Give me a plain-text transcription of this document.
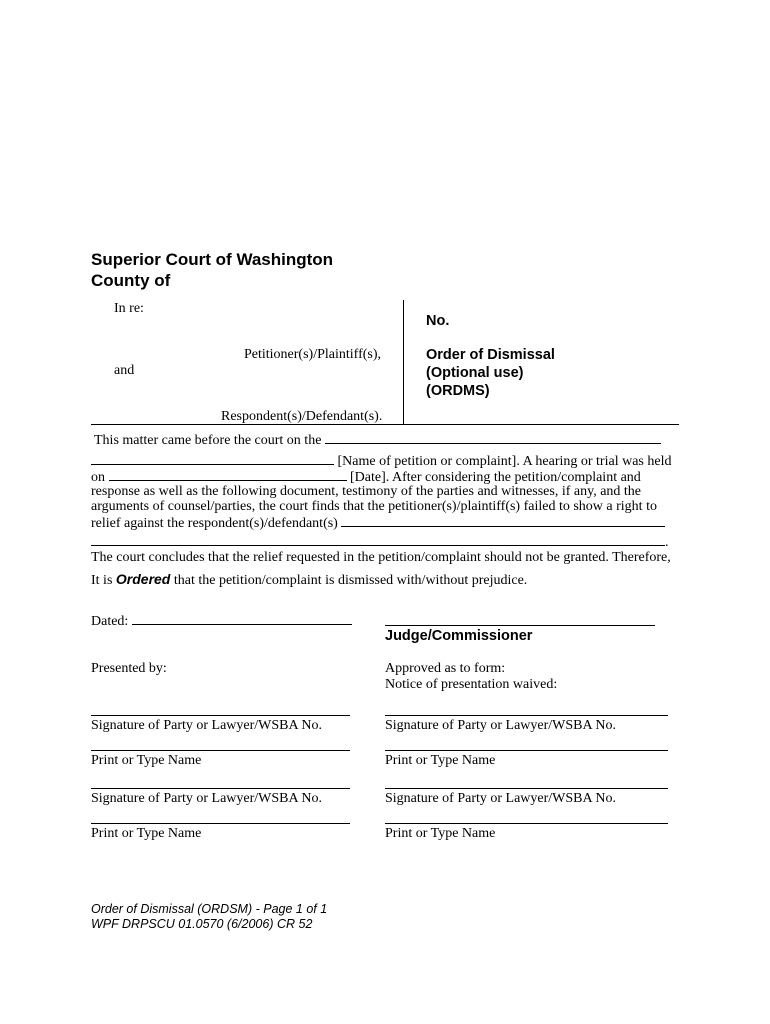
Superior Court of Washington
County of
In re:
Petitioner(s)/Plaintiff(s),
and
Respondent(s)/Defendant(s).
No.
Order of Dismissal
(Optional use)
(ORDMS)
This matter came before the court on the
[Name of petition or complaint]. A hearing or trial was held
on	[Date]. After considering the petition/complaint and
response as well as the following document, testimony of the parties and witnesses, if any, and the
arguments of counsel/parties, the court finds that the petitioner(s)/plaintiff(s) failed to show a right to
relief against the respondent(s)/defendant(s)
.
The court concludes that the relief requested in the petition/complaint should not be granted. Therefore,
It is Ordered that the petition/complaint is dismissed with/without prejudice.
Dated:
Judge/Commissioner
Presented by:	Approved as to form:
Notice of presentation waived:
Signature of Party or Lawyer/WSBA No.
Print or Type Name
Signature of Party or Lawyer/WSBA No.
Print or Type Name
Signature of Party or Lawyer/WSBA No.
Print or Type Name
Signature of Party or Lawyer/WSBA No.
Print or Type Name
Order of Dismissal (ORDSM) - Page 1 of 1
WPF DRPSCU 01.0570 (6/2006) CR 52
